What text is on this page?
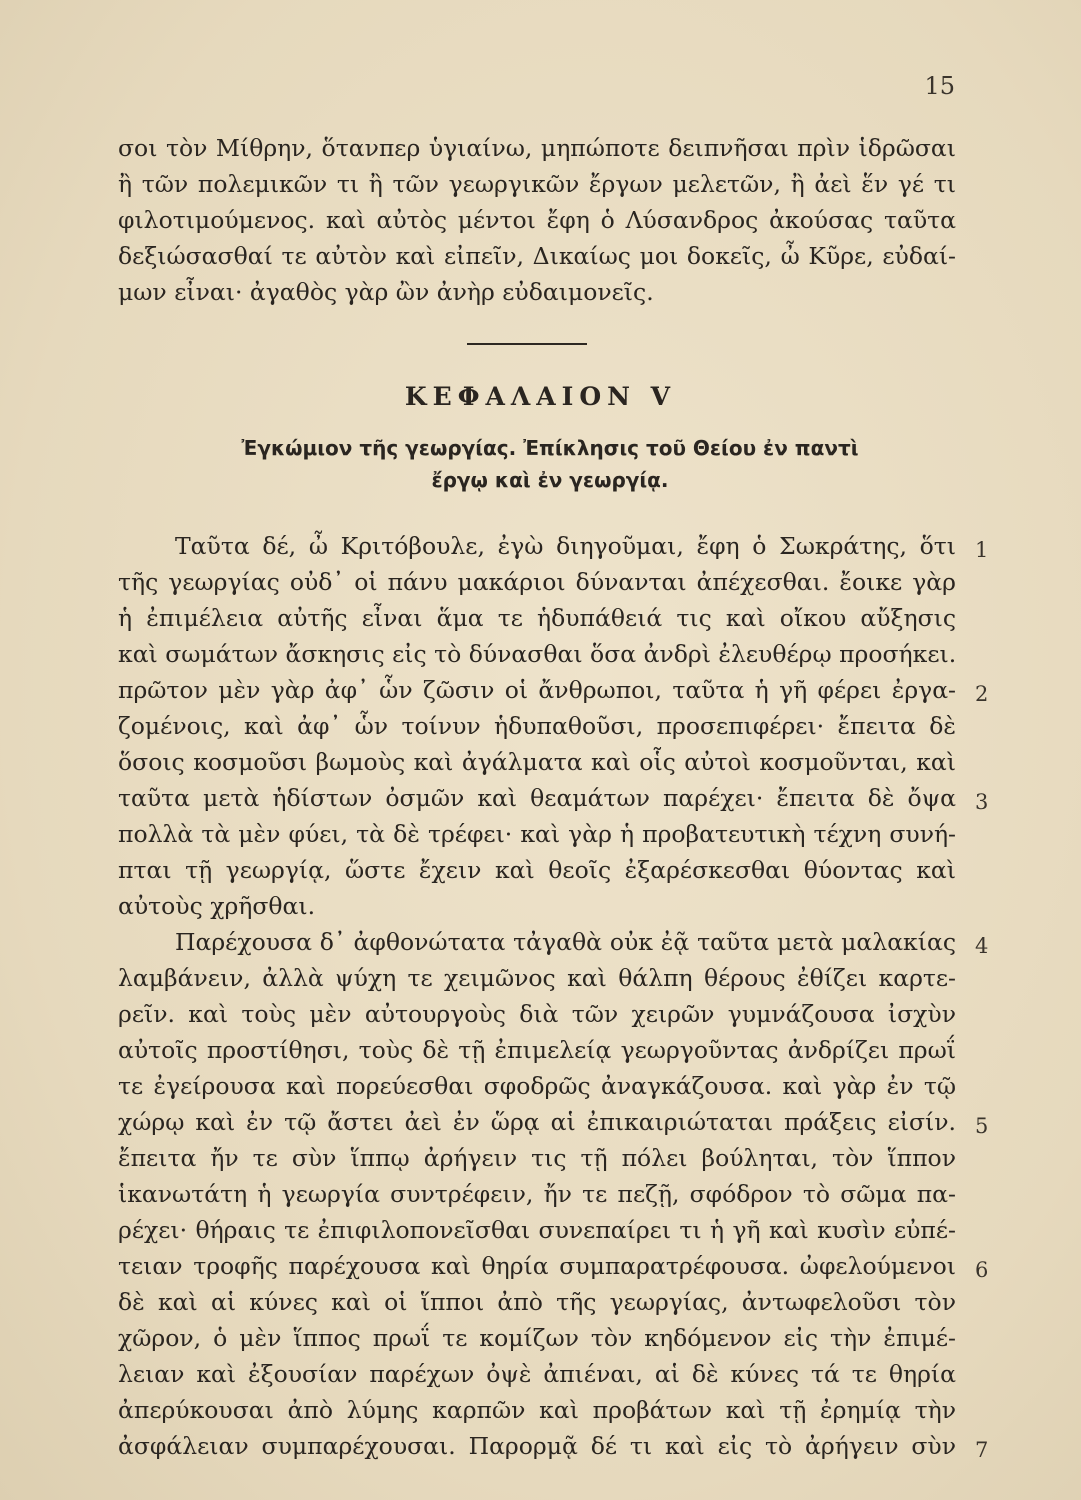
15
σοι τὸν Μίθρην, ὅτανπερ ὑγιαίνω, μηπώποτε δειπνῆσαι πρὶν ἱδρῶσαι
ἢ τῶν πολεμικῶν τι ἢ τῶν γεωργικῶν ἔργων μελετῶν, ἢ ἀεὶ ἕν γέ τι
φιλοτιμούμενος. καὶ αὐτὸς μέντοι ἔφη ὁ Λύσανδρος ἀκούσας ταῦτα
δεξιώσασθαί τε αὐτὸν καὶ εἰπεῖν, Δικαίως μοι δοκεῖς, ὦ Κῦρε, εὐδαί-
μων εἶναι· ἀγαθὸς γὰρ ὢν ἀνὴρ εὐδαιμονεῖς.
ΚΕΦΑΛΑΙΟΝ V
Ἐγκώμιον τῆς γεωργίας. Ἐπίκλησις τοῦ Θείου ἐν παντὶ
ἔργῳ καὶ ἐν γεωργίᾳ.
Ταῦτα δέ, ὦ Κριτόβουλε, ἐγὼ διηγοῦμαι, ἔφη ὁ Σωκράτης, ὅτι
τῆς γεωργίας οὐδ᾽ οἱ πάνυ μακάριοι δύνανται ἀπέχεσθαι. ἔοικε γὰρ
ἡ ἐπιμέλεια αὐτῆς εἶναι ἅμα τε ἡδυπάθειά τις καὶ οἴκου αὔξησις
καὶ σωμάτων ἄσκησις εἰς τὸ δύνασθαι ὅσα ἀνδρὶ ἐλευθέρῳ προσήκει.
πρῶτον μὲν γὰρ ἀφ᾽ ὧν ζῶσιν οἱ ἄνθρωποι, ταῦτα ἡ γῆ φέρει ἐργα-
ζομένοις, καὶ ἀφ᾽ ὧν τοίνυν ἡδυπαθοῦσι, προσεπιφέρει· ἔπειτα δὲ
ὅσοις κοσμοῦσι βωμοὺς καὶ ἀγάλματα καὶ οἷς αὐτοὶ κοσμοῦνται, καὶ
ταῦτα μετὰ ἡδίστων ὀσμῶν καὶ θεαμάτων παρέχει· ἔπειτα δὲ ὄψα
πολλὰ τὰ μὲν φύει, τὰ δὲ τρέφει· καὶ γὰρ ἡ προβατευτικὴ τέχνη συνή-
πται τῇ γεωργίᾳ, ὥστε ἔχειν καὶ θεοῖς ἐξαρέσκεσθαι θύοντας καὶ
αὐτοὺς χρῆσθαι.
Παρέχουσα δ᾽ ἀφθονώτατα τἀγαθὰ οὐκ ἐᾷ ταῦτα μετὰ μαλακίας
λαμβάνειν, ἀλλὰ ψύχη τε χειμῶνος καὶ θάλπη θέρους ἐθίζει καρτε-
ρεῖν. καὶ τοὺς μὲν αὐτουργοὺς διὰ τῶν χειρῶν γυμνάζουσα ἰσχὺν
αὐτοῖς προστίθησι, τοὺς δὲ τῇ ἐπιμελείᾳ γεωργοῦντας ἀνδρίζει πρωΐ
τε ἐγείρουσα καὶ πορεύεσθαι σφοδρῶς ἀναγκάζουσα. καὶ γὰρ ἐν τῷ
χώρῳ καὶ ἐν τῷ ἄστει ἀεὶ ἐν ὥρᾳ αἱ ἐπικαιριώταται πράξεις εἰσίν.
ἔπειτα ἤν τε σὺν ἵππῳ ἀρήγειν τις τῇ πόλει βούληται, τὸν ἵππον
ἱκανωτάτη ἡ γεωργία συντρέφειν, ἤν τε πεζῇ, σφόδρον τὸ σῶμα πα-
ρέχει· θήραις τε ἐπιφιλοπονεῖσθαι συνεπαίρει τι ἡ γῆ καὶ κυσὶν εὐπέ-
τειαν τροφῆς παρέχουσα καὶ θηρία συμπαρατρέφουσα. ὠφελούμενοι
δὲ καὶ αἱ κύνες καὶ οἱ ἵπποι ἀπὸ τῆς γεωργίας, ἀντωφελοῦσι τὸν
χῶρον, ὁ μὲν ἵππος πρωΐ τε κομίζων τὸν κηδόμενον εἰς τὴν ἐπιμέ-
λειαν καὶ ἐξουσίαν παρέχων ὀψὲ ἀπιέναι, αἱ δὲ κύνες τά τε θηρία
ἀπερύκουσαι ἀπὸ λύμης καρπῶν καὶ προβάτων καὶ τῇ ἐρημίᾳ τὴν
ἀσφάλειαν συμπαρέχουσαι. Παρορμᾷ δέ τι καὶ εἰς τὸ ἀρήγειν σὺν
1
2
3
4
5
6
7
